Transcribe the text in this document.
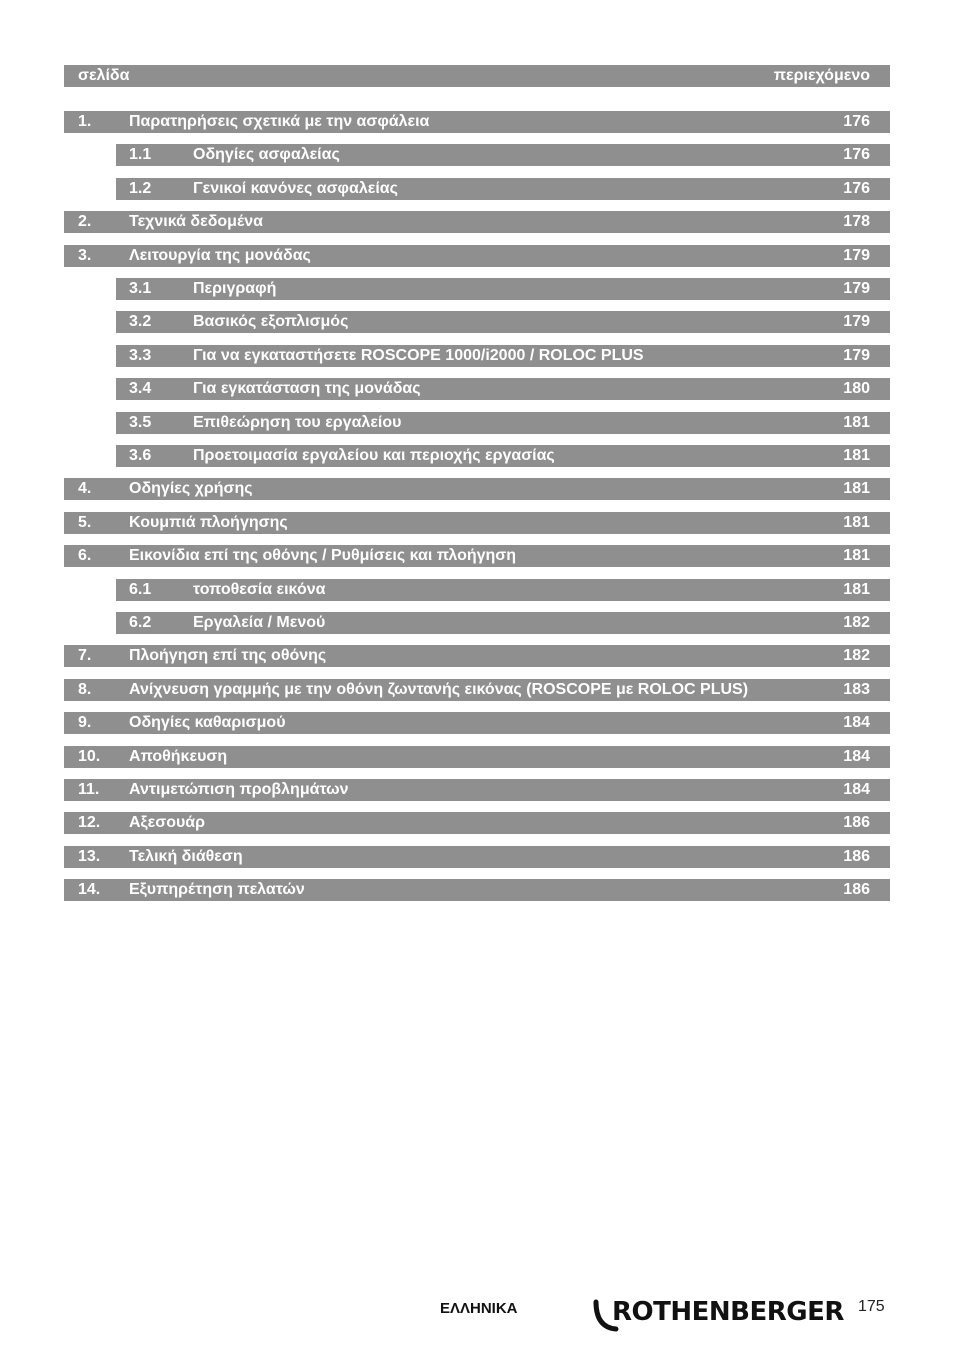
σελίδα	περιεχόμενο
1. Παρατηρήσεις σχετικά με την ασφάλεια	176
1.1	Οδηγίες ασφαλείας	176
1.2	Γενικοί κανόνες ασφαλείας	176
2. Τεχνικά δεδομένα	178
3. Λειτουργία της μονάδας	179
3.1	Περιγραφή	179
3.2	Βασικός εξοπλισμός	179
3.3	Για να εγκαταστήσετε ROSCOPE 1000/i2000 / ROLOC PLUS	179
3.4	Για εγκατάσταση της μονάδας	180
3.5	Επιθεώρηση του εργαλείου	181
3.6	Προετοιμασία εργαλείου και περιοχής εργασίας	181
4. Οδηγίες χρήσης	181
5. Κουμπιά πλοήγησης	181
6. Εικονίδια επί της οθόνης / Ρυθμίσεις και πλοήγηση	181
6.1	τοποθεσία εικόνα	181
6.2	Εργαλεία / Μενού	182
7. Πλοήγηση επί της οθόνης	182
8. Ανίχνευση γραμμής με την οθόνη ζωντανής εικόνας (ROSCOPE με ROLOC PLUS)	183
9. Οδηγίες καθαρισμού	184
10. Αποθήκευση	184
11. Αντιμετώπιση προβλημάτων	184
12. Αξεσουάρ	186
13. Τελική διάθεση	186
14. Εξυπηρέτηση πελατών	186
ΕΛΛΗΝΙΚΑ	ROTHENBERGER 175
